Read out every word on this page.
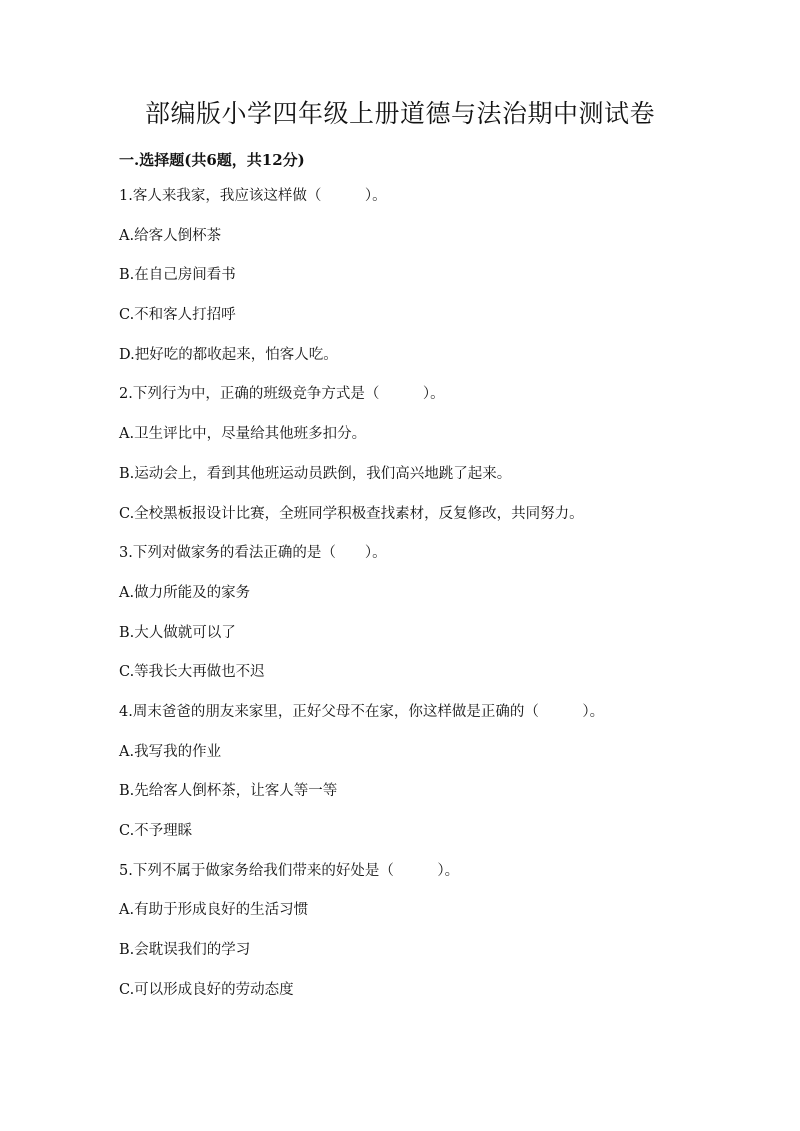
部编版小学四年级上册道德与法治期中测试卷
一.选择题(共6题，共12分)
1.客人来我家，我应该这样做（　　　）。
A.给客人倒杯茶
B.在自己房间看书
C.不和客人打招呼
D.把好吃的都收起来，怕客人吃。
2.下列行为中，正确的班级竞争方式是（　　　）。
A.卫生评比中，尽量给其他班多扣分。
B.运动会上，看到其他班运动员跌倒，我们高兴地跳了起来。
C.全校黑板报设计比赛，全班同学积极查找素材，反复修改，共同努力。
3.下列对做家务的看法正确的是（　　）。
A.做力所能及的家务
B.大人做就可以了
C.等我长大再做也不迟
4.周末爸爸的朋友来家里，正好父母不在家，你这样做是正确的（　　　）。
A.我写我的作业
B.先给客人倒杯茶，让客人等一等
C.不予理睬
5.下列不属于做家务给我们带来的好处是（　　　）。
A.有助于形成良好的生活习惯
B.会耽误我们的学习
C.可以形成良好的劳动态度
